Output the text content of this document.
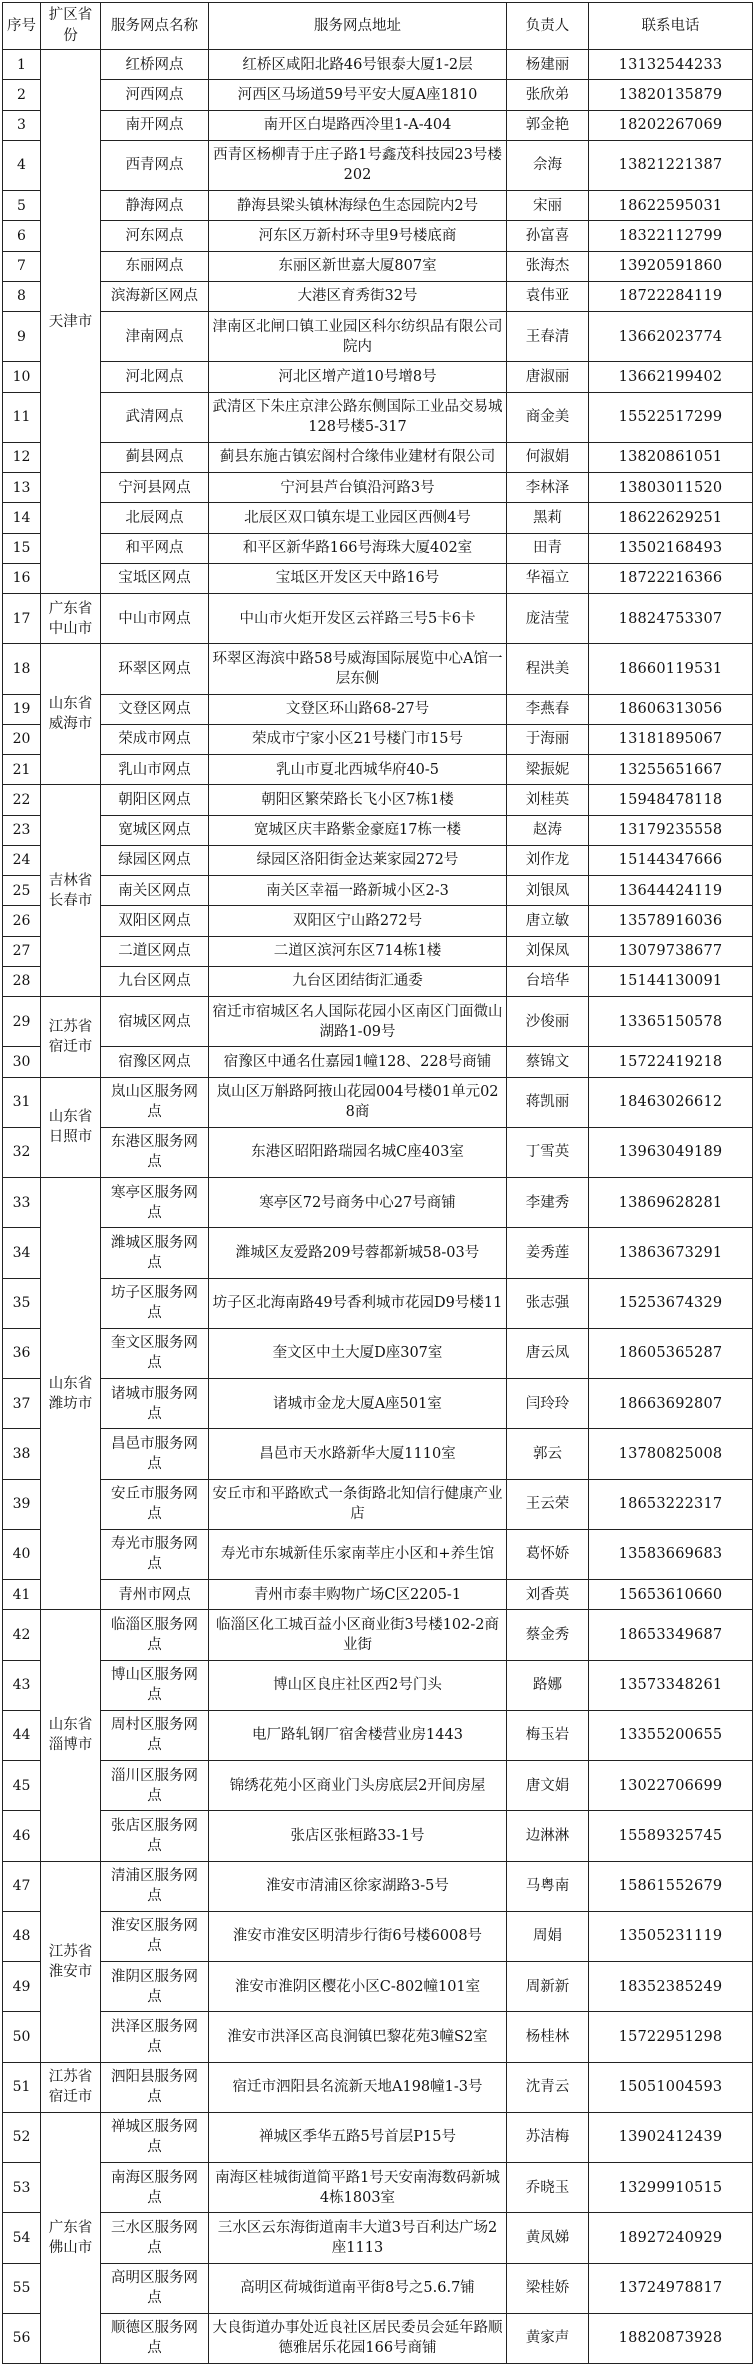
序号	扩区省份	服务网点名称	服务网点地址	负责人	联系电话
1	天津市	红桥网点	红桥区咸阳北路46号银泰大厦1-2层	杨建丽	13132544233
2		河西网点	河西区马场道59号平安大厦A座1810	张欣弟	13820135879
3		南开网点	南开区白堤路西冷里1-A-404	郭金艳	18202267069
4		西青网点	西青区杨柳青于庄子路1号鑫茂科技园23号楼202	佘海	13821221387
5		静海网点	静海县梁头镇林海绿色生态园院内2号	宋丽	18622595031
6		河东网点	河东区万新村环寺里9号楼底商	孙富喜	18322112799
7		东丽网点	东丽区新世嘉大厦807室	张海杰	13920591860
8		滨海新区网点	大港区育秀街32号	袁伟亚	18722284119
9		津南网点	津南区北闸口镇工业园区科尔纺织品有限公司院内	王春清	13662023774
10		河北网点	河北区增产道10号增8号	唐淑丽	13662199402
11		武清网点	武清区下朱庄京津公路东侧国际工业品交易城128号楼5-317	商金美	15522517299
12		蓟县网点	蓟县东施古镇宏阁村合缘伟业建材有限公司	何淑娟	13820861051
13		宁河县网点	宁河县芦台镇沿河路3号	李林泽	13803011520
14		北辰网点	北辰区双口镇东堤工业园区西侧4号	黑莉	18622629251
15		和平网点	和平区新华路166号海珠大厦402室	田青	13502168493
16		宝坻区网点	宝坻区开发区天中路16号	华福立	18722216366
17	广东省中山市	中山市网点	中山市火炬开发区云祥路三号5卡6卡	庞洁莹	18824753307
18	山东省威海市	环翠区网点	环翠区海滨中路58号威海国际展览中心A馆一层东侧	程洪美	18660119531
19		文登区网点	文登区环山路68-27号	李燕春	18606313056
20		荣成市网点	荣成市宁家小区21号楼门市15号	于海丽	13181895067
21		乳山市网点	乳山市夏北西城华府40-5	梁振妮	13255651667
22	吉林省长春市	朝阳区网点	朝阳区繁荣路长飞小区7栋1楼	刘桂英	15948478118
23		宽城区网点	宽城区庆丰路紫金豪庭17栋一楼	赵涛	13179235558
24		绿园区网点	绿园区洛阳街金达莱家园272号	刘作龙	15144347666
25		南关区网点	南关区幸福一路新城小区2-3	刘银凤	13644424119
26		双阳区网点	双阳区宁山路272号	唐立敏	13578916036
27		二道区网点	二道区滨河东区714栋1楼	刘保凤	13079738677
28		九台区网点	九台区团结街汇通委	台培华	15144130091
29	江苏省宿迁市	宿城区网点	宿迁市宿城区名人国际花园小区南区门面微山湖路1-09号	沙俊丽	13365150578
30		宿豫区网点	宿豫区中通名仕嘉园1幢128、228号商铺	蔡锦文	15722419218
31	山东省日照市	岚山区服务网点	岚山区万斛路阿掖山花园004号楼01单元028商	蒋凯丽	18463026612
32		东港区服务网点	东港区昭阳路瑞园名城C座403室	丁雪英	13963049189
33	山东省潍坊市	寒亭区服务网点	寒亭区72号商务中心27号商铺	李建秀	13869628281
34		潍城区服务网点	潍城区友爱路209号蓉都新城58-03号	姜秀莲	13863673291
35		坊子区服务网点	坊子区北海南路49号香利城市花园D9号楼11	张志强	15253674329
36		奎文区服务网点	奎文区中土大厦D座307室	唐云凤	18605365287
37		诸城市服务网点	诸城市金龙大厦A座501室	闫玲玲	18663692807
38		昌邑市服务网点	昌邑市天水路新华大厦1110室	郭云	13780825008
39		安丘市服务网点	安丘市和平路欧式一条街路北知信行健康产业店	王云荣	18653222317
40		寿光市服务网点	寿光市东城新佳乐家南莘庄小区和+养生馆	葛怀娇	13583669683
41		青州市网点	青州市泰丰购物广场C区2205-1	刘香英	15653610660
42	山东省淄博市	临淄区服务网点	临淄区化工城百益小区商业街3号楼102-2商业街	蔡金秀	18653349687
43		博山区服务网点	博山区良庄社区西2号门头	路娜	13573348261
44		周村区服务网点	电厂路轧钢厂宿舍楼营业房1443	梅玉岩	13355200655
45		淄川区服务网点	锦绣花苑小区商业门头房底层2开间房屋	唐文娟	13022706699
46		张店区服务网点	张店区张桓路33-1号	边淋淋	15589325745
47	江苏省淮安市	清浦区服务网点	淮安市清浦区徐家湖路3-5号	马粤南	15861552679
48		淮安区服务网点	淮安市淮安区明清步行街6号楼6008号	周娟	13505231119
49		淮阴区服务网点	淮安市淮阴区樱花小区C-802幢101室	周新新	18352385249
50		洪泽区服务网点	淮安市洪泽区高良涧镇巴黎花苑3幢S2室	杨桂林	15722951298
51	江苏省宿迁市	泗阳县服务网点	宿迁市泗阳县名流新天地A198幢1-3号	沈青云	15051004593
52	广东省佛山市	禅城区服务网点	禅城区季华五路5号首层P15号	苏洁梅	13902412439
53		南海区服务网点	南海区桂城街道简平路1号天安南海数码新城4栋1803室	乔晓玉	13299910515
54		三水区服务网点	三水区云东海街道南丰大道3号百利达广场2座1113	黄凤娣	18927240929
55		高明区服务网点	高明区荷城街道南平街8号之5.6.7铺	梁桂娇	13724978817
56		顺德区服务网点	大良街道办事处近良社区居民委员会延年路顺德雅居乐花园166号商铺	黄家声	18820873928
